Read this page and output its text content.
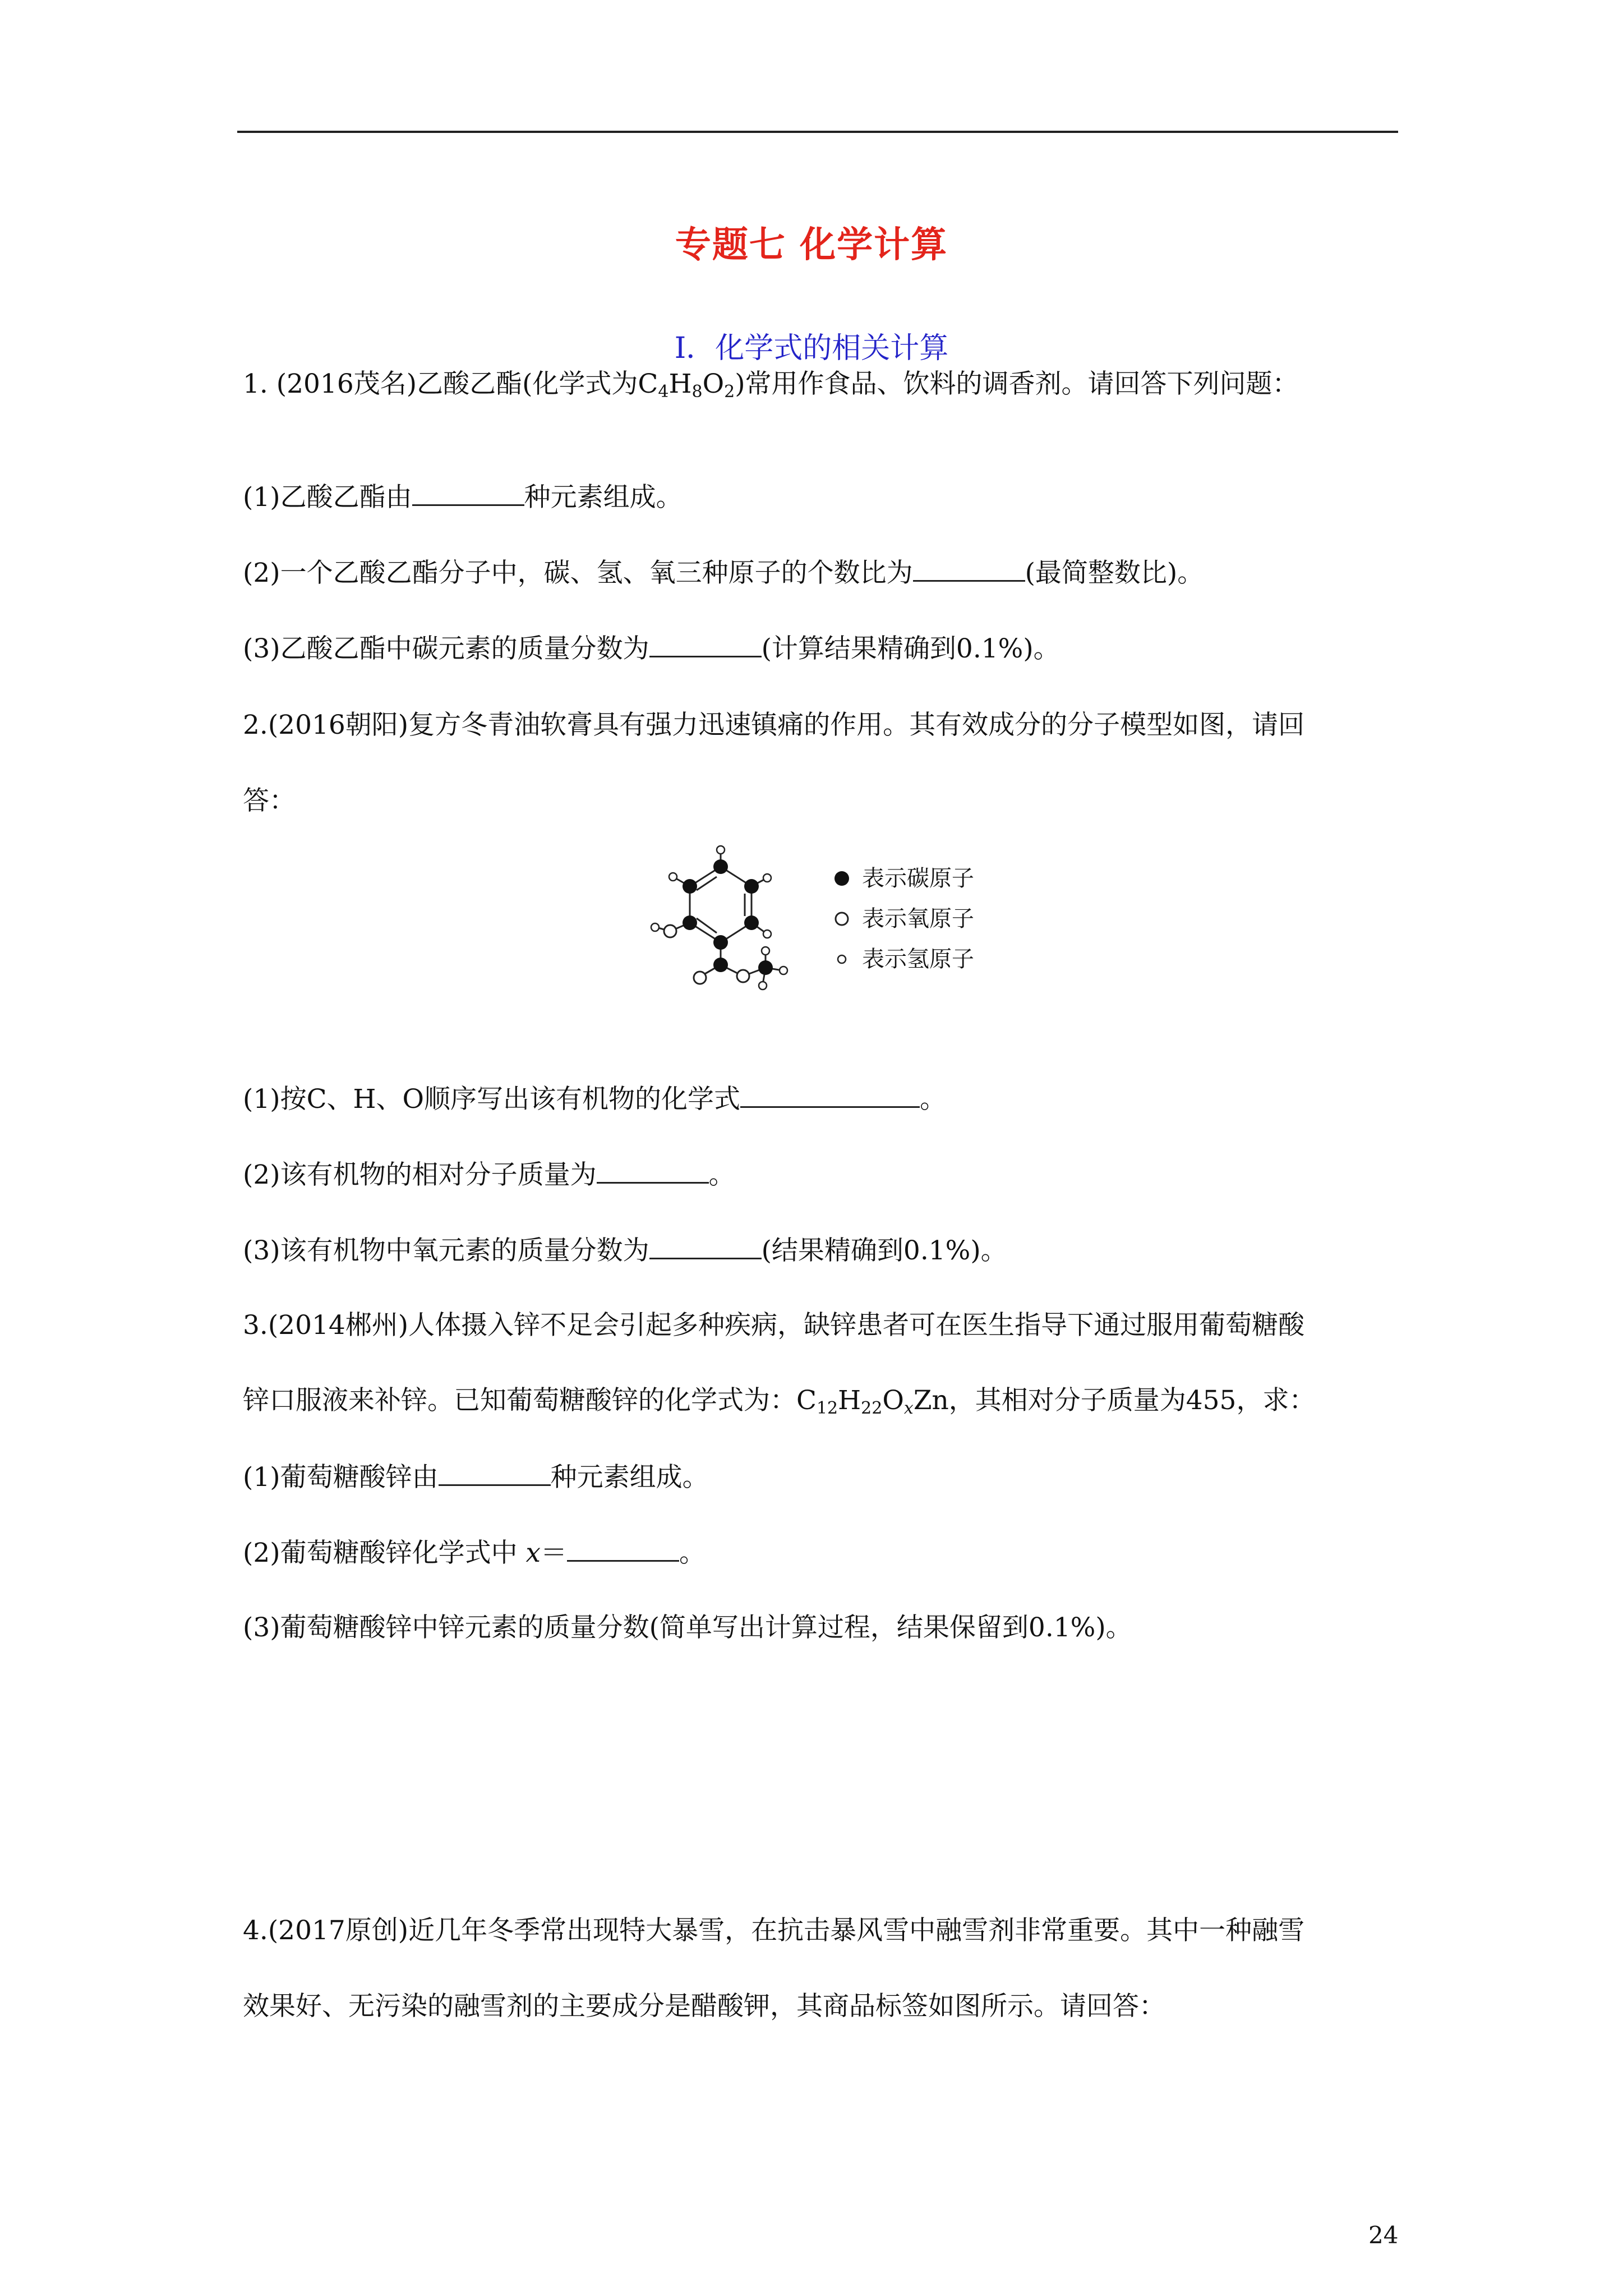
专题七 化学计算
Ⅰ．化学式的相关计算
1. (2016茂名)乙酸乙酯(化学式为$C_4H_8O_2$)常用作食品、饮料的调香剂。请回答下列问题：
(1)乙酸乙酯由	种元素组成。
(2)一个乙酸乙酯分子中，碳、氢、氧三种原子的个数比为	(最简整数比)。
(3)乙酸乙酯中碳元素的质量分数为	(计算结果精确到0.1%)。
2.(2016朝阳)复方冬青油软膏具有强力迅速镇痛的作用。其有效成分的分子模型如图，请回
答：
表示碳原子
表示氧原子
表示氢原子
(1)按C、H、O顺序写出该有机物的化学式	。
(2)该有机物的相对分子质量为	。
(3)该有机物中氧元素的质量分数为	(结果精确到0.1%)。
3.(2014郴州)人体摄入锌不足会引起多种疾病，缺锌患者可在医生指导下通过服用葡萄糖酸
锌口服液来补锌。已知葡萄糖酸锌的化学式为：$C_{12}H_{22}O_xZn$，其相对分子质量为455，求：
(1)葡萄糖酸锌由	种元素组成。
(2)葡萄糖酸锌化学式中 x＝	。
(3)葡萄糖酸锌中锌元素的质量分数(简单写出计算过程，结果保留到0.1%)。
4.(2017原创)近几年冬季常出现特大暴雪，在抗击暴风雪中融雪剂非常重要。其中一种融雪
效果好、无污染的融雪剂的主要成分是醋酸钾，其商品标签如图所示。请回答：
24
